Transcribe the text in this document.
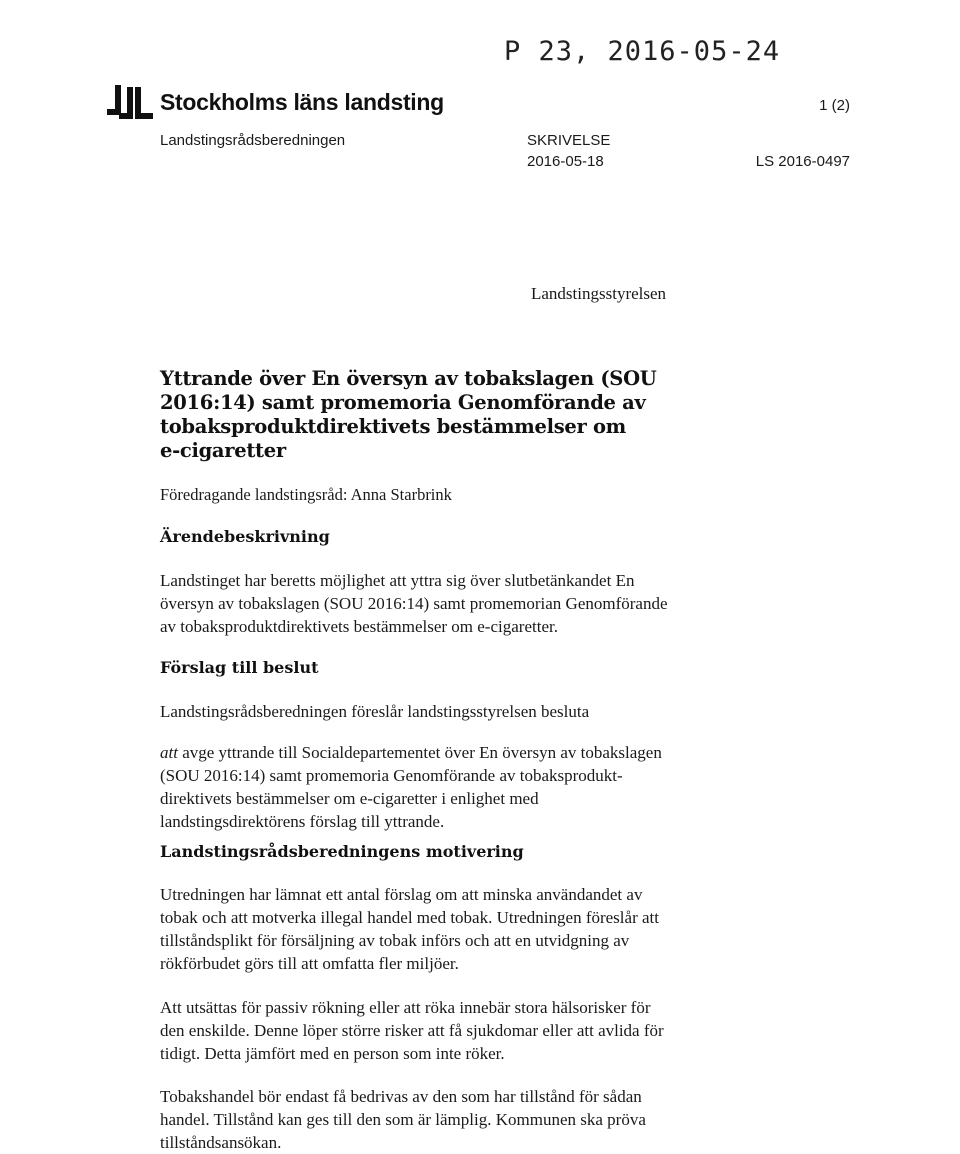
P 23, 2016-05-24
Stockholms läns landsting	1 (2)
Landstingsrådsberedningen	SKRIVELSE
2016-05-18	LS 2016-0497
Landstingsstyrelsen
Yttrande över En översyn av tobakslagen (SOU
2016:14) samt promemoria Genomförande av
tobaksproduktdirektivets bestämmelser om
e-cigaretter
Föredragande landstingsråd: Anna Starbrink
Ärendebeskrivning
Landstinget har beretts möjlighet att yttra sig över slutbetänkandet En
översyn av tobakslagen (SOU 2016:14) samt promemorian Genomförande
av tobaksproduktdirektivets bestämmelser om e-cigaretter.
Förslag till beslut
Landstingsrådsberedningen föreslår landstingsstyrelsen besluta
att avge yttrande till Socialdepartementet över En översyn av tobakslagen
(SOU 2016:14) samt promemoria Genomförande av tobaksprodukt-
direktivets bestämmelser om e-cigaretter i enlighet med
landstingsdirektörens förslag till yttrande.
Landstingsrådsberedningens motivering
Utredningen har lämnat ett antal förslag om att minska användandet av
tobak och att motverka illegal handel med tobak. Utredningen föreslår att
tillståndsplikt för försäljning av tobak införs och att en utvidgning av
rökförbudet görs till att omfatta fler miljöer.
Att utsättas för passiv rökning eller att röka innebär stora hälsorisker för
den enskilde. Denne löper större risker att få sjukdomar eller att avlida för
tidigt. Detta jämfört med en person som inte röker.
Tobakshandel bör endast få bedrivas av den som har tillstånd för sådan
handel. Tillstånd kan ges till den som är lämplig. Kommunen ska pröva
tillståndsansökan.
